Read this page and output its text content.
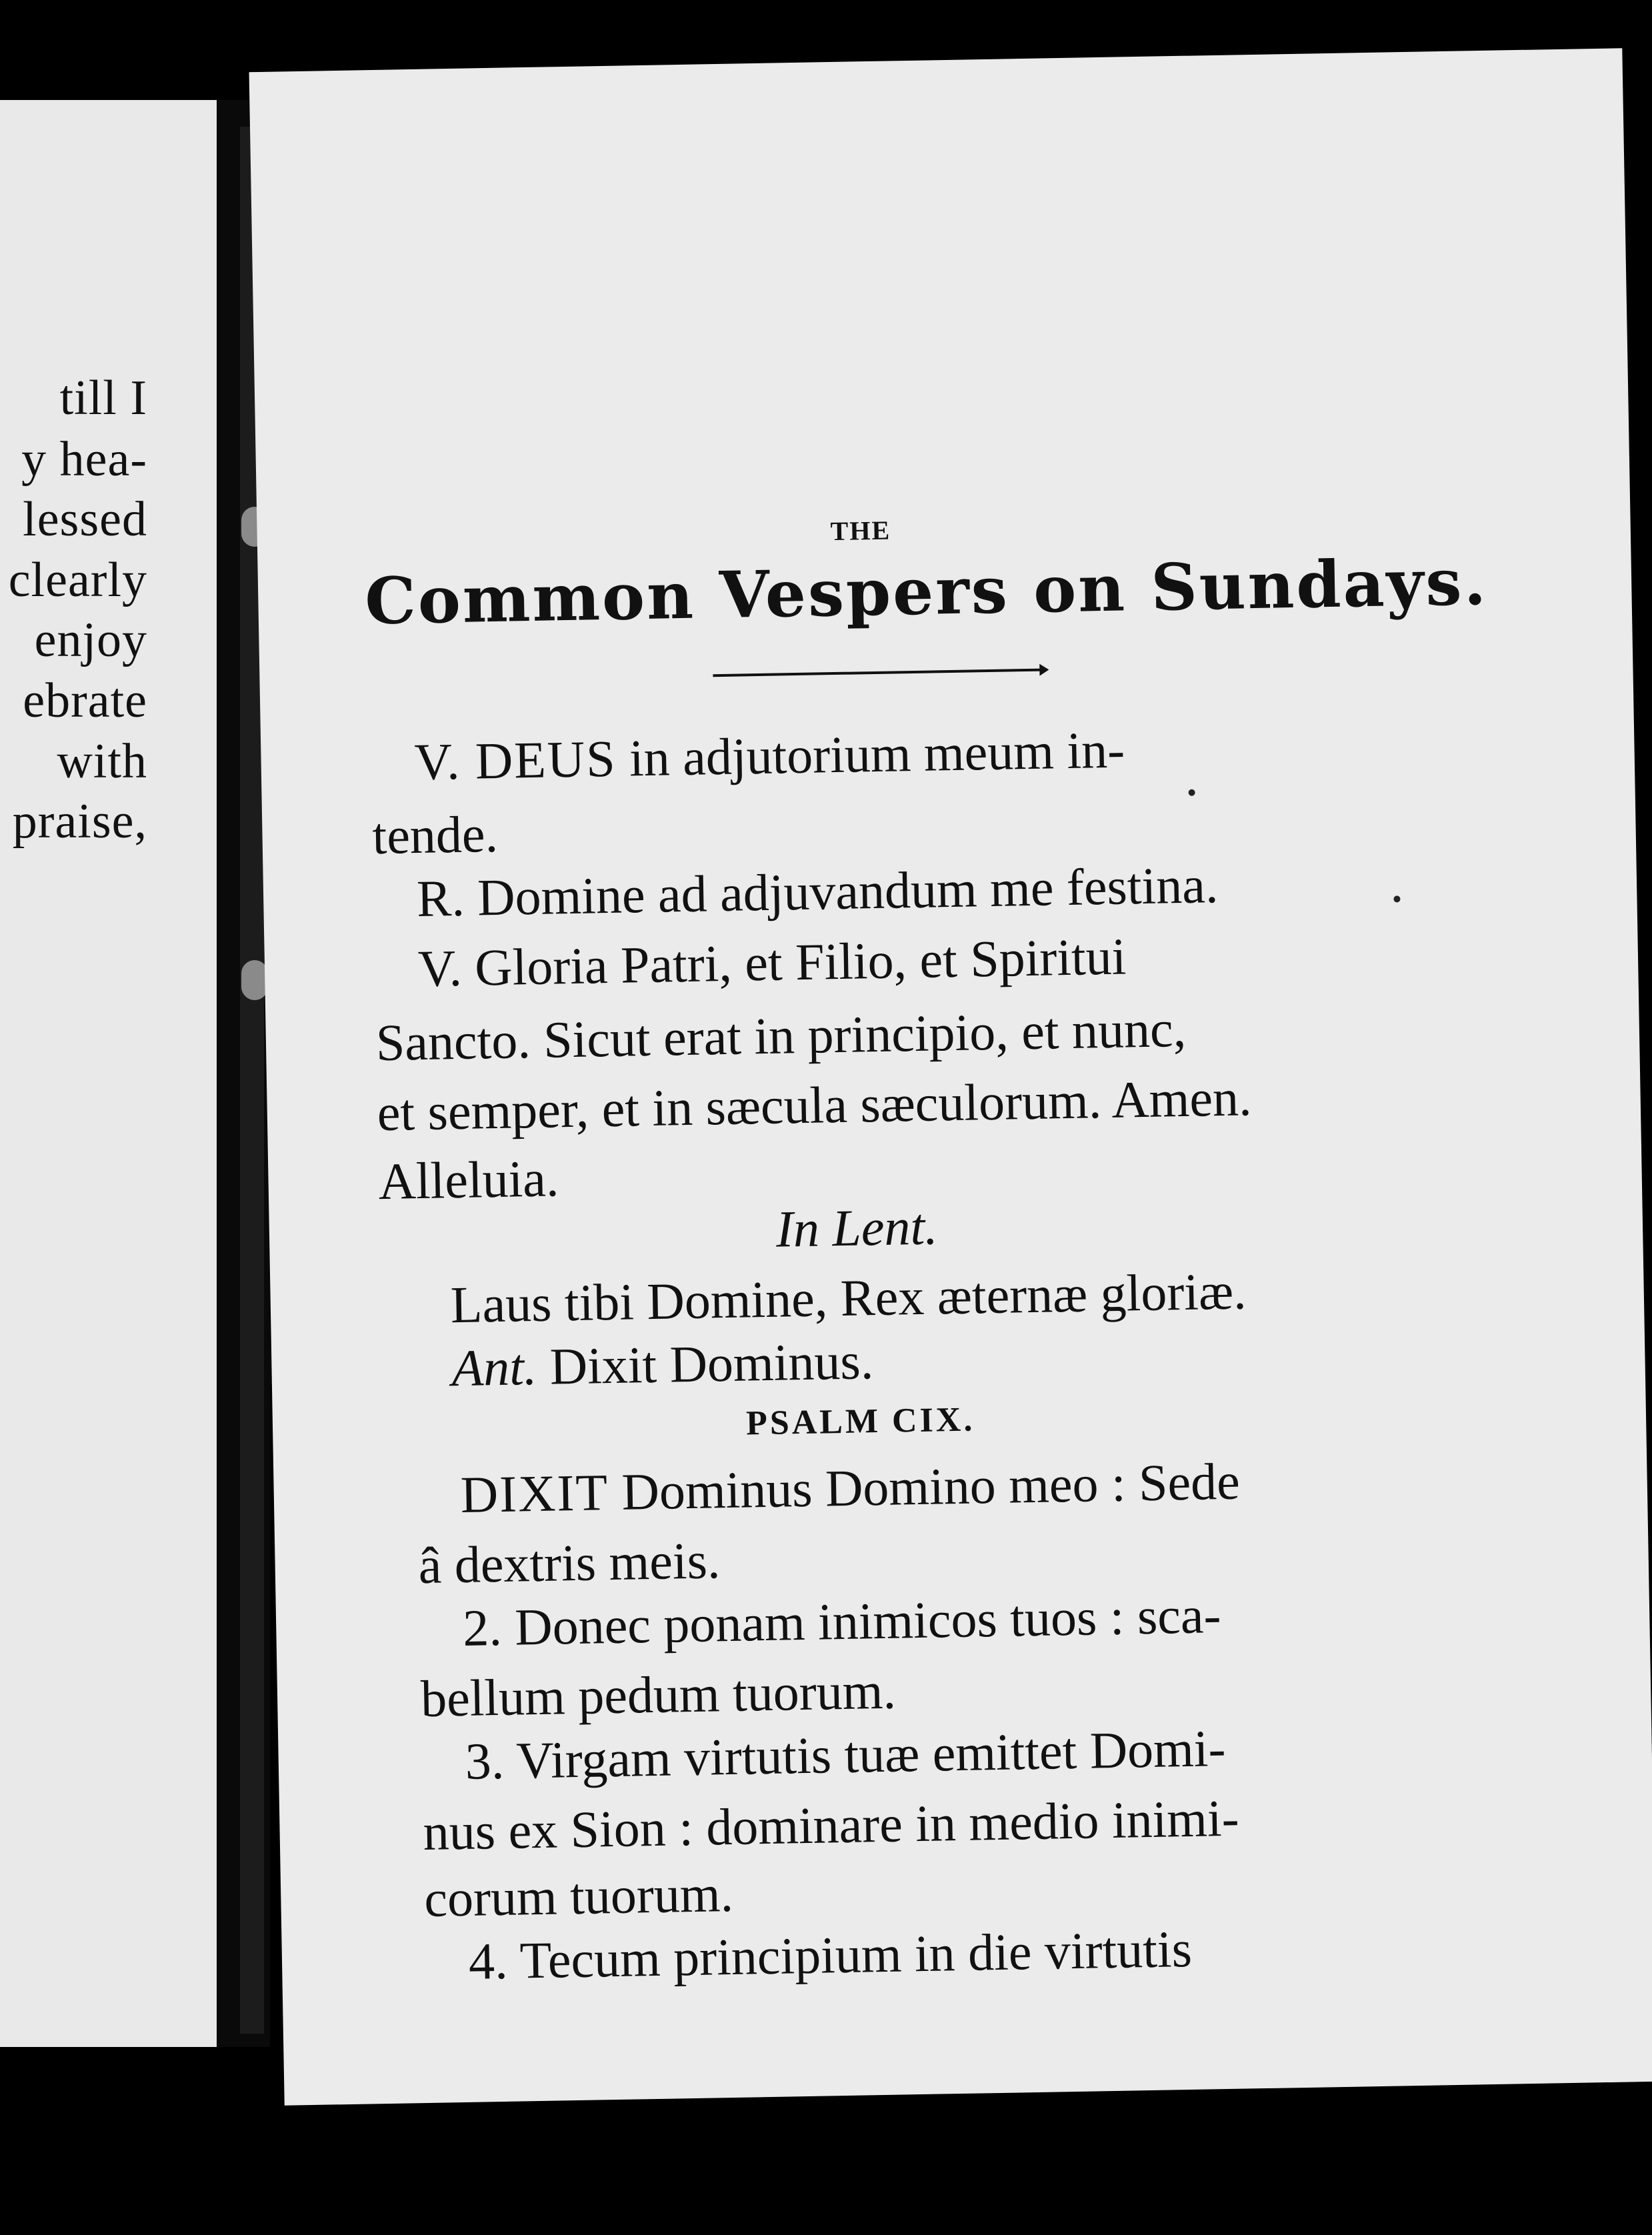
till I
y hea-
lessed
clearly
enjoy
ebrate
with
praise,
THE
Common Vespers on Sundays.
V. DEUS in adjutorium meum in-
tende.
R. Domine ad adjuvandum me festina.
V. Gloria Patri, et Filio, et Spiritui
Sancto. Sicut erat in principio, et nunc,
et semper, et in sæcula sæculorum. Amen.
Alleluia.
In Lent.
Laus tibi Domine, Rex æternæ gloriæ.
Ant. Dixit Dominus.
PSALM CIX.
DIXIT Dominus Domino meo : Sede
â dextris meis.
2. Donec ponam inimicos tuos : sca-
bellum pedum tuorum.
3. Virgam virtutis tuæ emittet Domi-
nus ex Sion : dominare in medio inimi-
corum tuorum.
4. Tecum principium in die virtutis
